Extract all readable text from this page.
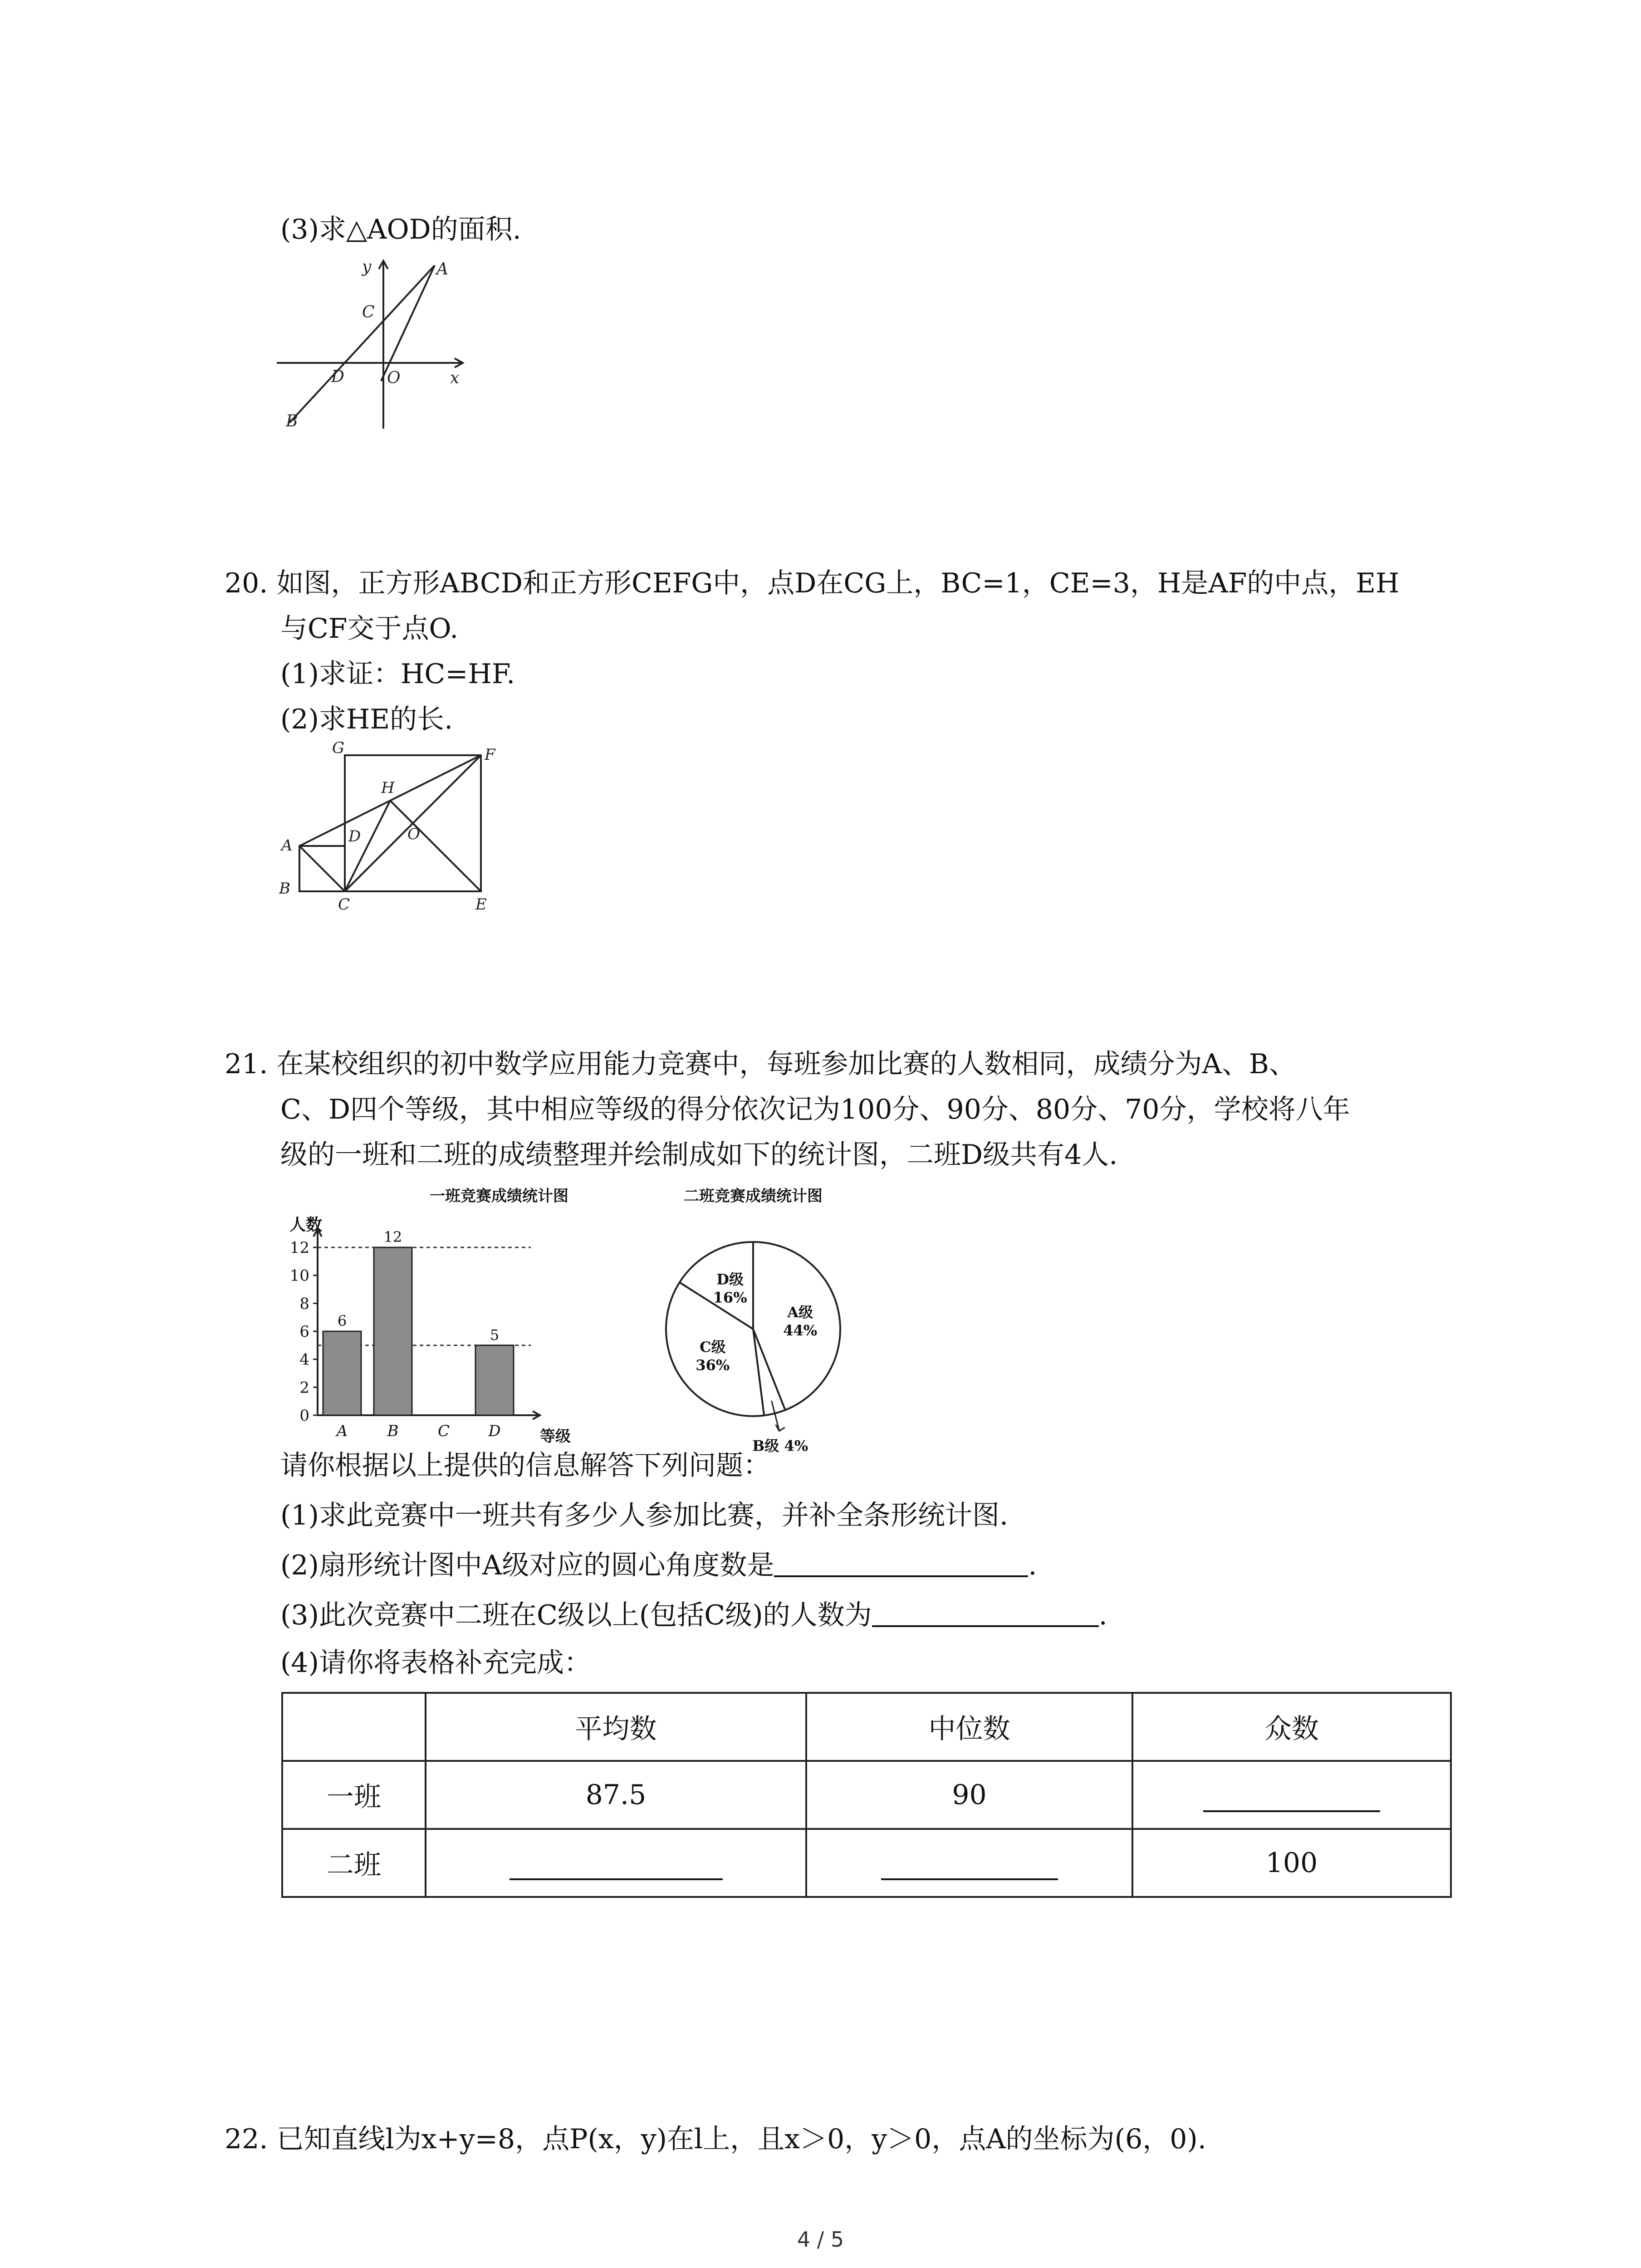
(3)求△AOD的面积.
y	A
C
D	O	x
B
20. 如图，正方形ABCD和正方形CEFG中，点D在CG上，BC=1，CE=3，H是AF的中点，EH
与CF交于点O.
(1)求证：HC=HF.
(2)求HE的长.
G
H
F
A	D	O
B
C	E
21. 在某校组织的初中数学应用能力竞赛中，每班参加比赛的人数相同，成绩分为A、B、
C、D四个等级，其中相应等级的得分依次记为100分、90分、80分、70分，学校将八年
级的一班和二班的成绩整理并绘制成如下的统计图，二班D级共有4人.
一班竞赛成绩统计图
人数
等级
0
2
4
6
8
10
12
A	B	C	D
6
12
5
二班竞赛成绩统计图
A级
44%
B级 4%
C级
36%
D级
16%
请你根据以上提供的信息解答下列问题：
(1)求此竞赛中一班共有多少人参加比赛，并补全条形统计图.
(2)扇形统计图中A级对应的圆心角度数是	.
(3)此次竞赛中二班在C级以上(包括C级)的人数为	.
(4)请你将表格补充完成：
	平均数	中位数	众数
一班	87.5	90	
二班			100
22. 已知直线l为x+y=8，点P(x，y)在l上，且x＞0，y＞0，点A的坐标为(6，0).
4 / 5
